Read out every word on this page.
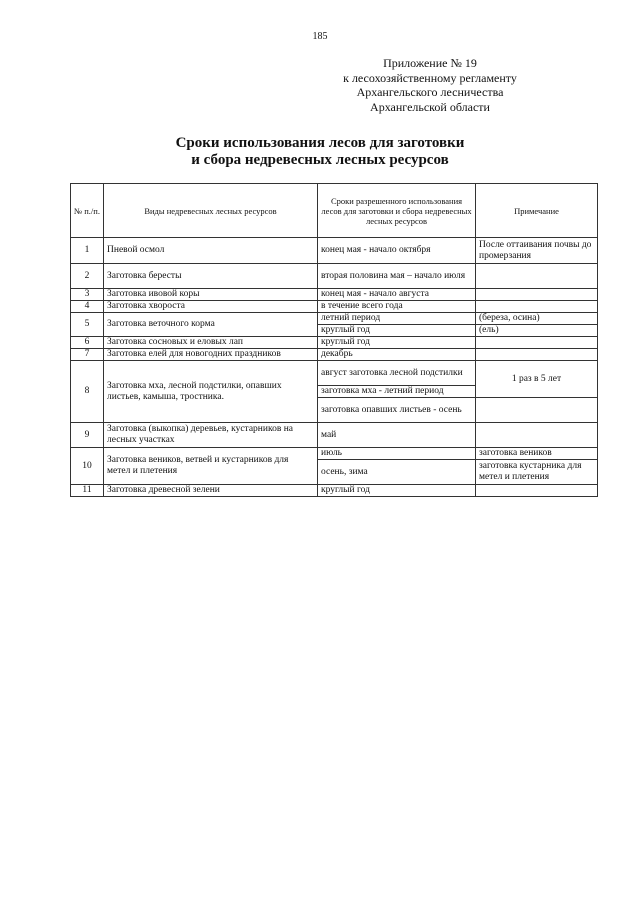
185
Приложение № 19
к лесохозяйственному регламенту
Архангельского лесничества
Архангельской области
Сроки использования лесов для заготовки
и сбора недревесных лесных ресурсов
№ п./п.	Виды недревесных лесных ресурсов	Сроки разрешенного использования лесов для заготовки и сбора недревесных лесных ресурсов	Примечание
1	Пневой осмол	конец мая - начало октября	После оттаивания почвы до промерзания
2	Заготовка бересты	вторая половина мая – начало июля	
3	Заготовка ивовой коры	конец мая - начало августа	
4	Заготовка хвороста	в течение всего года	
5	Заготовка веточного корма	летний период	(береза, осина)
		круглый год	(ель)
6	Заготовка сосновых и еловых лап	круглый год	
7	Заготовка елей для новогодних праздников	декабрь	
8	Заготовка мха, лесной подстилки, опавших листьев, камыша, тростника.	август заготовка лесной подстилки	1 раз в 5 лет
		заготовка мха - летний период	
		заготовка опавших листьев - осень	
9	Заготовка (выкопка) деревьев, кустарников на лесных участках	май	
10	Заготовка веников, ветвей и кустарников для метел и плетения	июль	заготовка веников
		осень, зима	заготовка кустарника для метел и плетения
11	Заготовка древесной зелени	круглый год	
